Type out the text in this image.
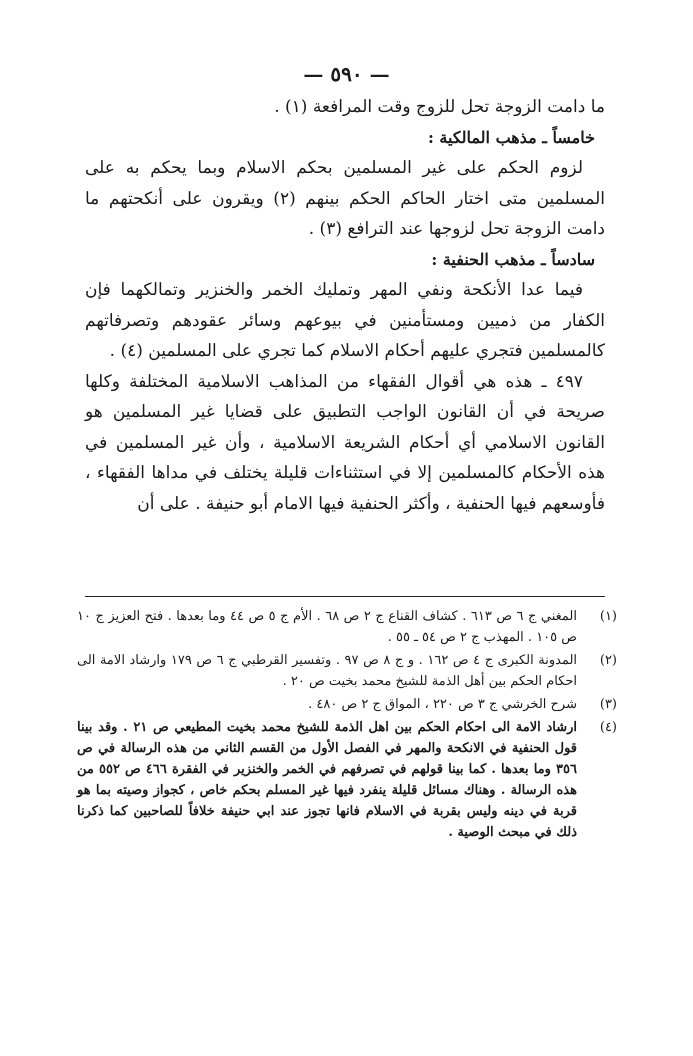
— ٥٩٠ —

ما دامت الزوجة تحل للزوج وقت المرافعة (١) .

خامساً ـ مذهب المالكية :

لزوم الحكم على غير المسلمين بحكم الاسلام وبما يحكم به على المسلمين متى اختار الحاكم الحكم بينهم (٢) ويقرون على أنكحتهم ما دامت الزوجة تحل لزوجها عند الترافع (٣) .

سادساً ـ مذهب الحنفية :

فيما عدا الأنكحة ونفي المهر وتمليك الخمر والخنزير وتمالكهما فإن الكفار من ذميين ومستأمنين في بيوعهم وسائر عقودهم وتصرفاتهم كالمسلمين فتجري عليهم أحكام الاسلام كما تجري على المسلمين (٤) .

٤٩٧ ـ هذه هي أقوال الفقهاء من المذاهب الاسلامية المختلفة وكلها صريحة في أن القانون الواجب التطبيق على قضايا غير المسلمين هو القانون الاسلامي أي أحكام الشريعة الاسلامية ، وأن غير المسلمين في هذه الأحكام كالمسلمين إلا في استثناءات قليلة يختلف في مداها الفقهاء ، فأوسعهم فيها الحنفية ، وأكثر الحنفية فيها الامام أبو حنيفة . على أن

(١)
المغني ج ٦ ص ٦١٣ . كشاف القناع ج ٢ ص ٦٨ . الأم ج ٥ ص ٤٤ وما بعدها . فتح العزيز ج ١٠ ص ١٠٥ . المهذب ج ٢ ص ٥٤ ـ ٥٥ .
(٢)
المدونة الكبرى ج ٤ ص ١٦٢ . و ج ٨ ص ٩٧ . وتفسير القرطبي ج ٦ ص ١٧٩ وارشاد الامة الى احكام الحكم بين أهل الذمة للشيخ محمد بخيت ص ٢٠ .
(٣)
شرح الخرشي ج ٣ ص ٢٢٠ ، المواق ج ٢ ص ٤٨٠ .
(٤)
ارشاد الامة الى احكام الحكم بين اهل الذمة للشيخ محمد بخيت المطيعي ص ٢١ . وقد بينا قول الحنفية في الانكحة والمهر في الفصل الأول من القسم الثاني من هذه الرسالة في ص ٣٥٦ وما بعدها . كما بينا قولهم في تصرفهم في الخمر والخنزير في الفقرة ٤٦٦ ص ٥٥٢ من هذه الرسالة . وهناك مسائل قليلة ينفرد فيها غير المسلم بحكم خاص ، كجواز وصيته بما هو قربة في دينه وليس بقربة في الاسلام فانها تجوز عند ابي حنيفة خلافاً للصاحبين كما ذكرنا ذلك في مبحث الوصية .
